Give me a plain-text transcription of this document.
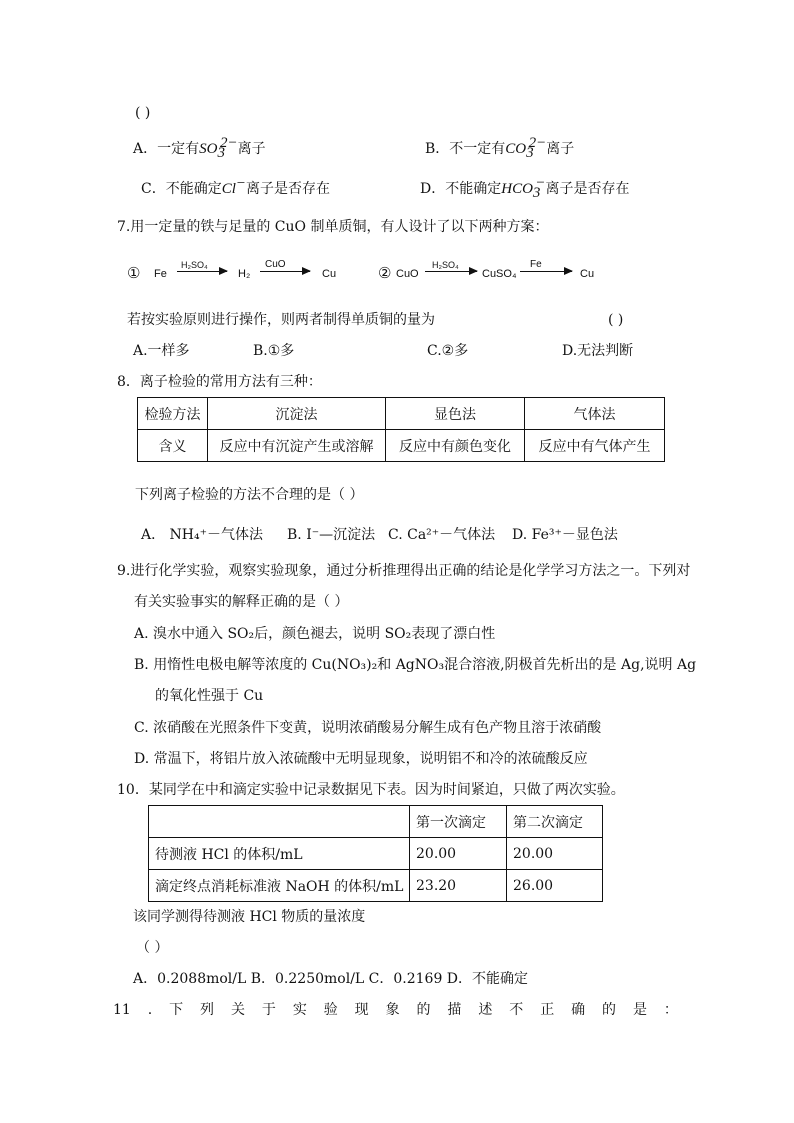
( )
A．一定有$SO_3^{2-}$离子	B．不一定有$CO_3^{2-}$离子
C．不能确定Cl−离子是否存在	D．不能确定$HCO_3^-$离子是否存在
7.用一定量的铁与足量的 CuO 制单质铜，有人设计了以下两种方案：
① Fe
H₂SO₄
→ H₂
CuO
→ Cu	② CuO
H₂SO₄
→ CuSO₄
Fe
→ Cu
若按实验原则进行操作，则两者制得单质铜的量为	( )
A.一样多	B.①多	C.②多	D.无法判断
8．离子检验的常用方法有三种：
检验方法	沉淀法	显色法	气体法
含义	反应中有沉淀产生或溶解	反应中有颜色变化	反应中有气体产生
下列离子检验的方法不合理的是（ ）
A． NH₄⁺－气体法 B. I⁻—沉淀法 C. Ca²⁺－气体法 D. Fe³⁺－显色法
9.进行化学实验，观察实验现象，通过分析推理得出正确的结论是化学学习方法之一。下列对
有关实验事实的解释正确的是（ ）
A. 溴水中通入 SO₂后，颜色褪去，说明 SO₂表现了漂白性
B. 用惰性电极电解等浓度的 Cu(NO₃)₂和 AgNO₃混合溶液,阴极首先析出的是 Ag,说明 Ag
的氧化性强于 Cu
C. 浓硝酸在光照条件下变黄，说明浓硝酸易分解生成有色产物且溶于浓硝酸
D. 常温下，将铝片放入浓硫酸中无明显现象，说明铝不和冷的浓硫酸反应
10．某同学在中和滴定实验中记录数据见下表。因为时间紧迫，只做了两次实验。
	第一次滴定	第二次滴定
待测液 HCl 的体积/mL	20.00	20.00
滴定终点消耗标准液 NaOH 的体积/mL	23.20	26.00
该同学测得待测液 HCl 物质的量浓度
（ ）
A．0.2088mol/L B．0.2250mol/L C．0.2169 D．不能确定
11 . 下 列 关 于 实 验 现 象 的 描 述 不 正 确 的 是 ：
